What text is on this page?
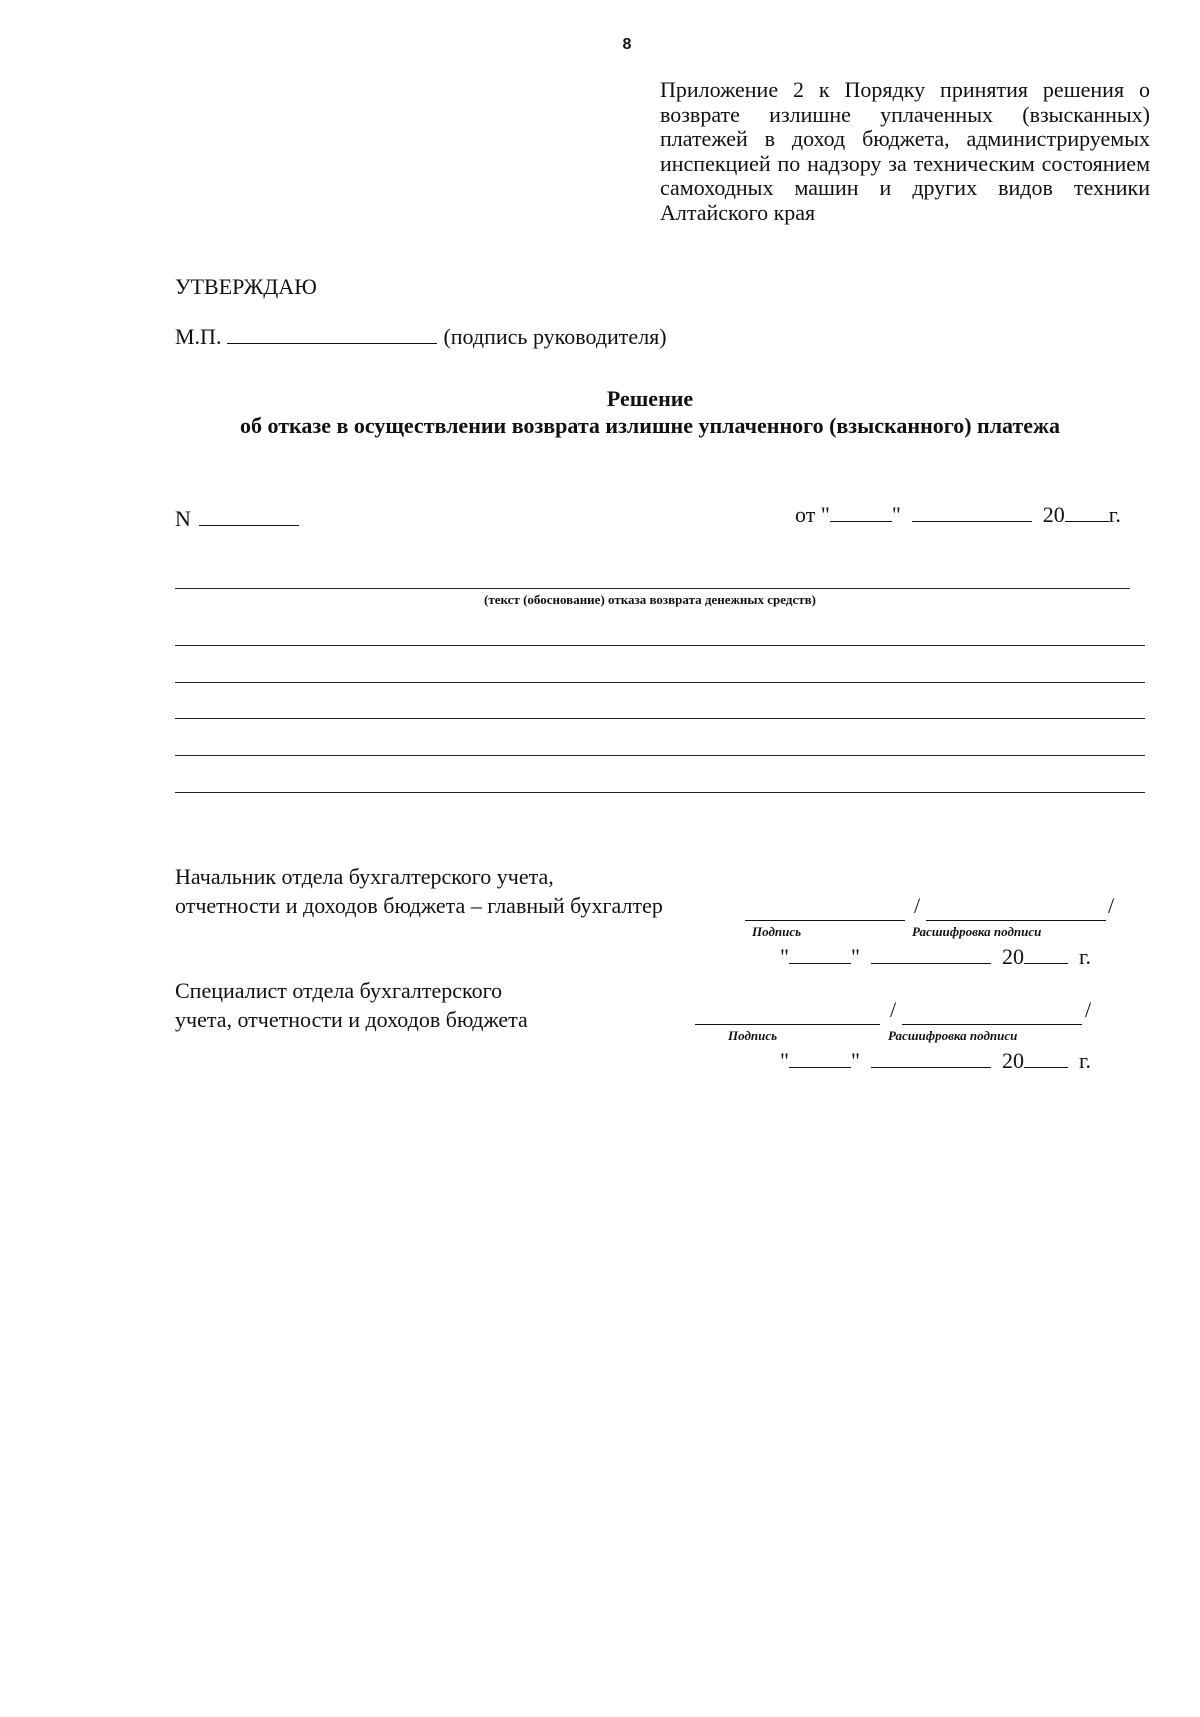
8
Приложение 2 к Порядку принятия решения о возврате излишне уплаченных (взысканных) платежей в доход бюджета, администрируемых инспекцией по надзору за техническим состоянием самоходных машин и других видов техники Алтайского края
УТВЕРЖДАЮ
М.П.	(подпись руководителя)
Решение
об отказе в осуществлении возврата излишне уплаченного (взысканного) платежа
N	от "	"	20 г.
(текст (обоснование) отказа возврата денежных средств)
Начальник отдела бухгалтерского учета,
отчетности и доходов бюджета – главный бухгалтер	/	/
Подпись	Расшифровка подписи
"	"	20	г.
Специалист отдела бухгалтерского
учета, отчетности и доходов бюджета	/	/
Подпись	Расшифровка подписи
"	"	20	г.
